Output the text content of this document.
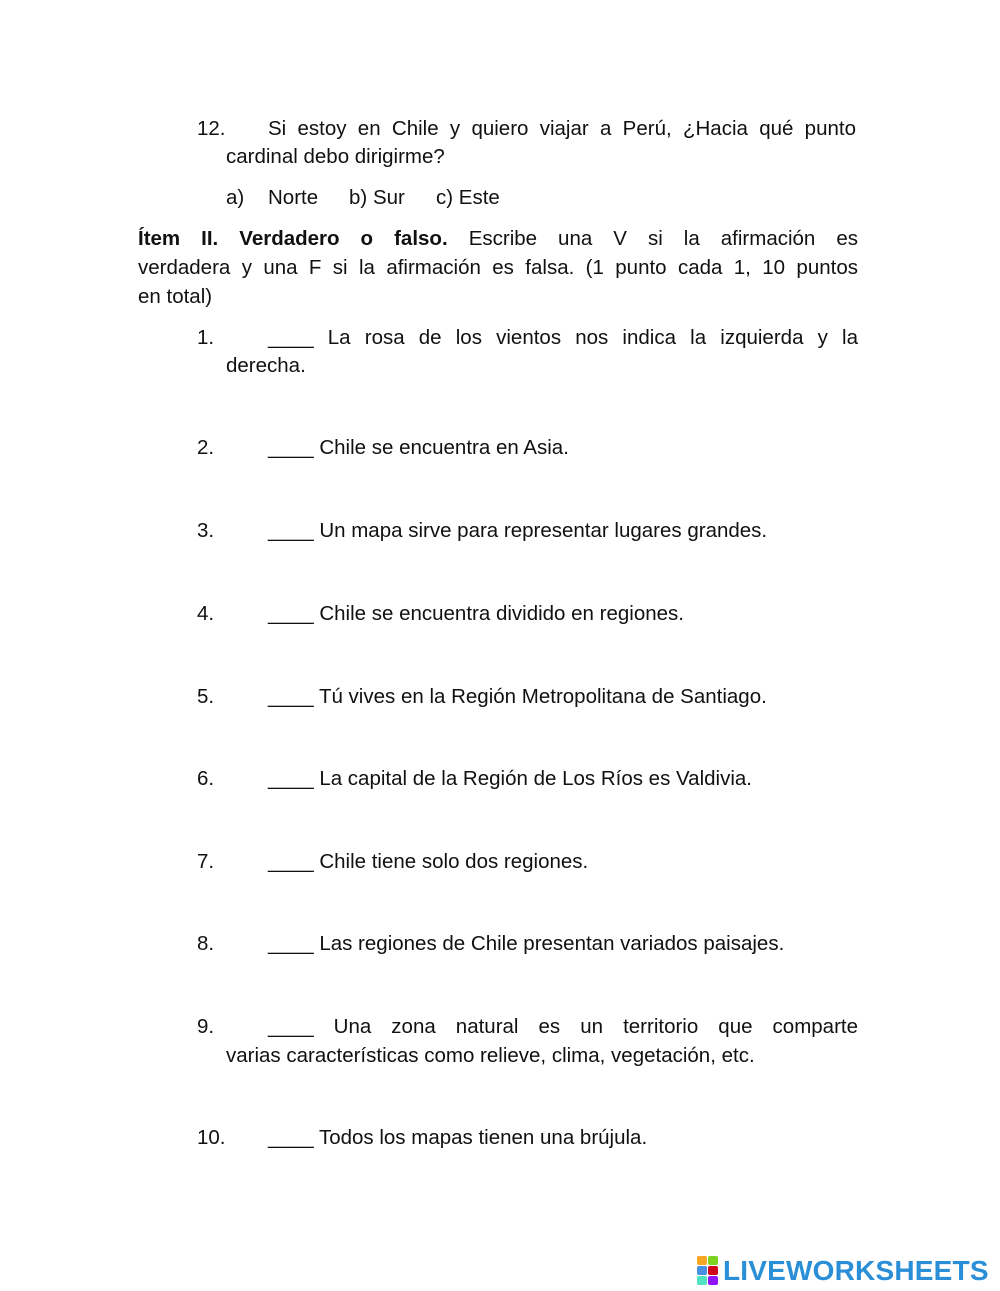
12. Si estoy en Chile y quiero viajar a Perú, ¿Hacia qué punto
cardinal debo dirigirme?
a) Norte b) Sur c) Este
Ítem II. Verdadero o falso. Escribe una V si la afirmación es
verdadera y una F si la afirmación es falsa. (1 punto cada 1, 10 puntos
en total)
1.	____ La rosa de los vientos nos indica la izquierda y la
derecha.
2.	____ Chile se encuentra en Asia.
3.	____ Un mapa sirve para representar lugares grandes.
4.	____ Chile se encuentra dividido en regiones.
5.	____ Tú vives en la Región Metropolitana de Santiago.
6.	____ La capital de la Región de Los Ríos es Valdivia.
7.	____ Chile tiene solo dos regiones.
8.	____ Las regiones de Chile presentan variados paisajes.
9.	____ Una zona natural es un territorio que comparte
varias características como relieve, clima, vegetación, etc.
10. ____ Todos los mapas tienen una brújula.
LIVEWORKSHEETS
